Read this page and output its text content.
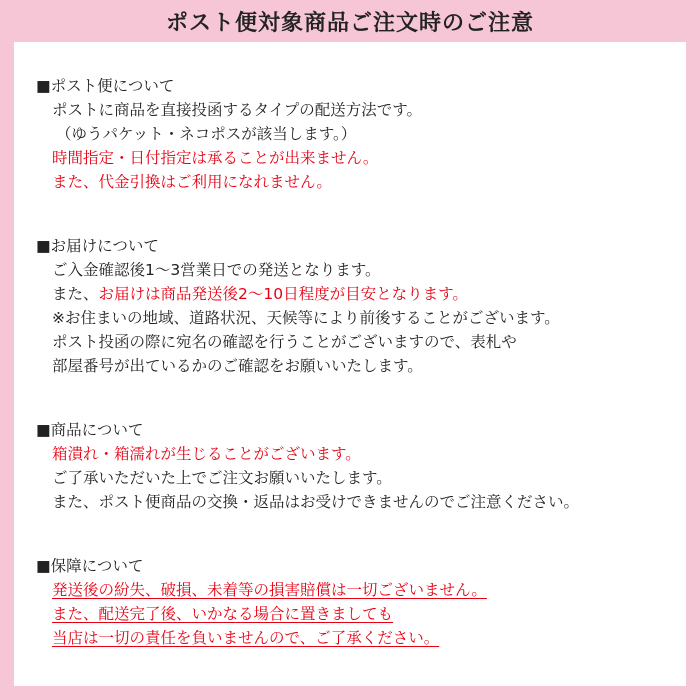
ポスト便対象商品ご注文時のご注意
■ポスト便について
ポストに商品を直接投函するタイプの配送方法です。
（ゆうパケット・ネコポスが該当します。）
時間指定・日付指定は承ることが出来ません。
また、代金引換はご利用になれません。
■お届けについて
ご入金確認後1～3営業日での発送となります。
また、お届けは商品発送後2～10日程度が目安となります。
※お住まいの地域、道路状況、天候等により前後することがございます。
ポスト投函の際に宛名の確認を行うことがございますので、表札や
部屋番号が出ているかのご確認をお願いいたします。
■商品について
箱潰れ・箱濡れが生じることがございます。
ご了承いただいた上でご注文お願いいたします。
また、ポスト便商品の交換・返品はお受けできませんのでご注意ください。
■保障について
発送後の紛失、破損、未着等の損害賠償は一切ございません。
また、配送完了後、いかなる場合に置きましても
当店は一切の責任を負いませんので、ご了承ください。
